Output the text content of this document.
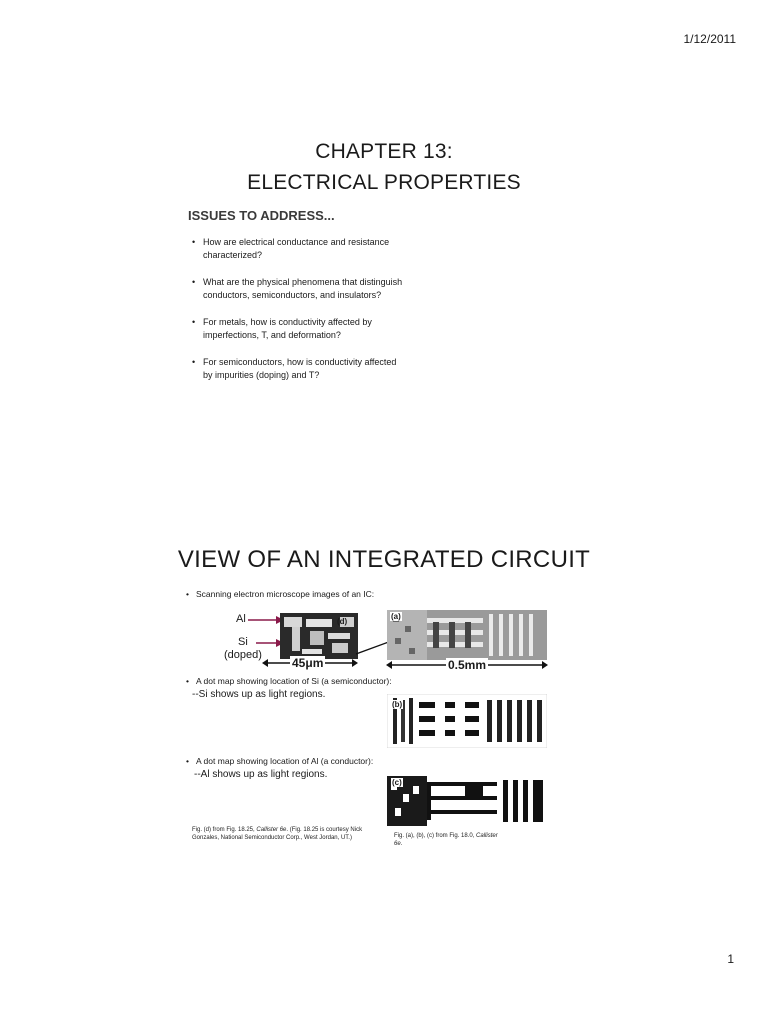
1/12/2011
CHAPTER 13:
ELECTRICAL PROPERTIES
ISSUES TO ADDRESS...
• How are electrical conductance and resistance
characterized?
• What are the physical phenomena that distinguish
conductors, semiconductors, and insulators?
• For metals, how is conductivity affected by
imperfections, T, and deformation?
• For semiconductors, how is conductivity affected
by impurities (doping) and T?
VIEW OF AN INTEGRATED CIRCUIT
• Scanning electron microscope images of an IC:
Al
Si
(doped)
(d)
45μm
(a)
0.5mm
• A dot map showing location of Si (a semiconductor):
--Si shows up as light regions.
(b)
• A dot map showing location of Al (a conductor):
--Al shows up as light regions.
(c)
Fig. (d) from Fig. 18.25, Callister 6e. (Fig. 18.25 is courtesy Nick Gonzales, National Semiconductor Corp., West Jordan, UT.)	Fig. (a), (b), (c) from Fig. 18.0, Callister 6e.
1
